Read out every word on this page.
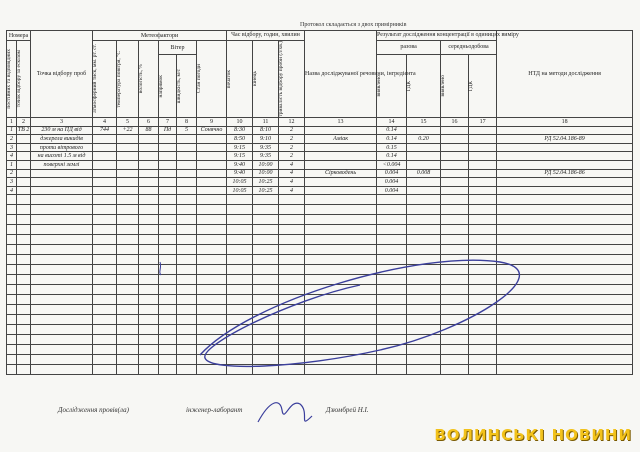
Протокол складається з двох примірників
Номера		Точка відбору проб	Метеофактори						Час відбору, годин, хвилин			Назва досліджуваної речовини, інгредієнта	Результат дослідження концентрації в одиницях виміру				НТД на методи дослідження

постійних та відповідних	точок відбору за ескізом		атмосферний тиск, мм. рт. ст.	температура повітря, °С	вологість, %	Вітер		Стан погоди	початок	кінець	тривалість відбору проби (л/хв.)		разова		середньодобова		

						напрямок	швидкість, м/с						виявлено	ГДК	виявлено	ГДК	

1	2	3	4	5	6	7	8	9	10	11	12	13	14	15	16	17	18
1	ТВ 2	230 м на ПД від	744	+22	88	Пд	5	Сонячно	8:30	8:10	2		0.14				
2		джерела викидів							8:50	9:10	2	Аміак	0.14	0.20			РД 52.04.186-89
3		проти вітрового							9:15	9:35	2		0.15				
4		на висоті 1.5 м від							9:15	9:35	2		0.14				
1		поверхні землі							9:40	10:00	4		<0.004				
2									9:40	10:00	4	Сірководень	0.004	0.008			РД 52.04.186-86
3									10:05	10:25	4		0.004				
4									10:05	10:25	4		0.004				

Дослідження провів(ла)	інженер-лаборант	Дзюмбрей Н.І.
ВОЛИНСЬКІ НОВИНИ
